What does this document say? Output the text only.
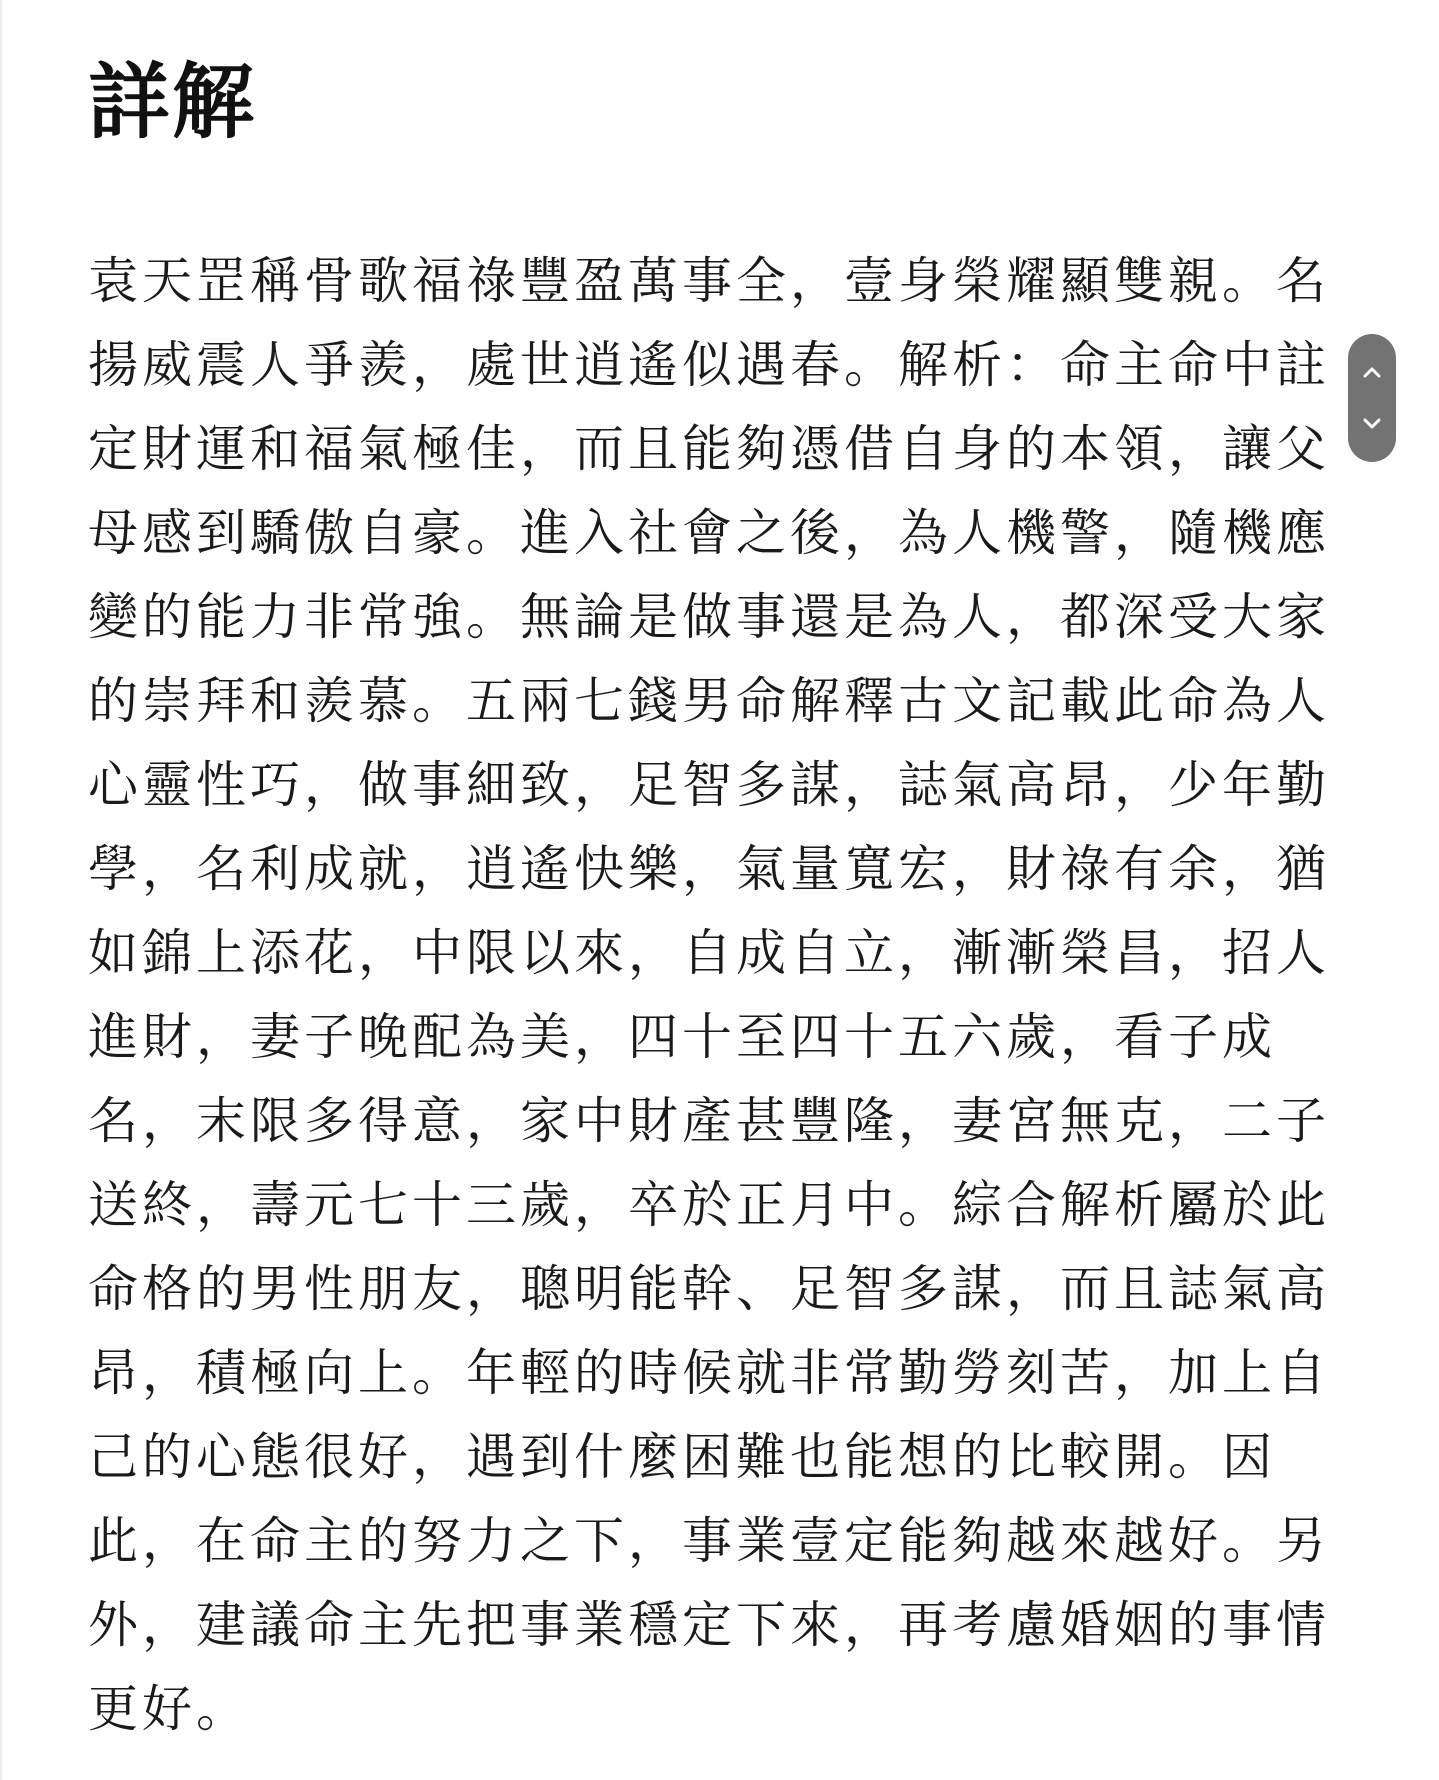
詳解
袁天罡稱骨歌福祿豐盈萬事全，壹身榮耀顯雙親。名
揚威震人爭羨，處世逍遙似遇春。解析：命主命中註
定財運和福氣極佳，而且能夠憑借自身的本領，讓父
母感到驕傲自豪。進入社會之後，為人機警，隨機應
變的能力非常強。無論是做事還是為人，都深受大家
的崇拜和羨慕。五兩七錢男命解釋古文記載此命為人
心靈性巧，做事細致，足智多謀，誌氣高昂，少年勤
學，名利成就，逍遙快樂，氣量寬宏，財祿有余，猶
如錦上添花，中限以來，自成自立，漸漸榮昌，招人
進財，妻子晚配為美，四十至四十五六歲，看子成
名，末限多得意，家中財產甚豐隆，妻宮無克，二子
送終，壽元七十三歲，卒於正月中。綜合解析屬於此
命格的男性朋友，聰明能幹、足智多謀，而且誌氣高
昂，積極向上。年輕的時候就非常勤勞刻苦，加上自
己的心態很好，遇到什麼困難也能想的比較開。因
此，在命主的努力之下，事業壹定能夠越來越好。另
外，建議命主先把事業穩定下來，再考慮婚姻的事情
更好。
